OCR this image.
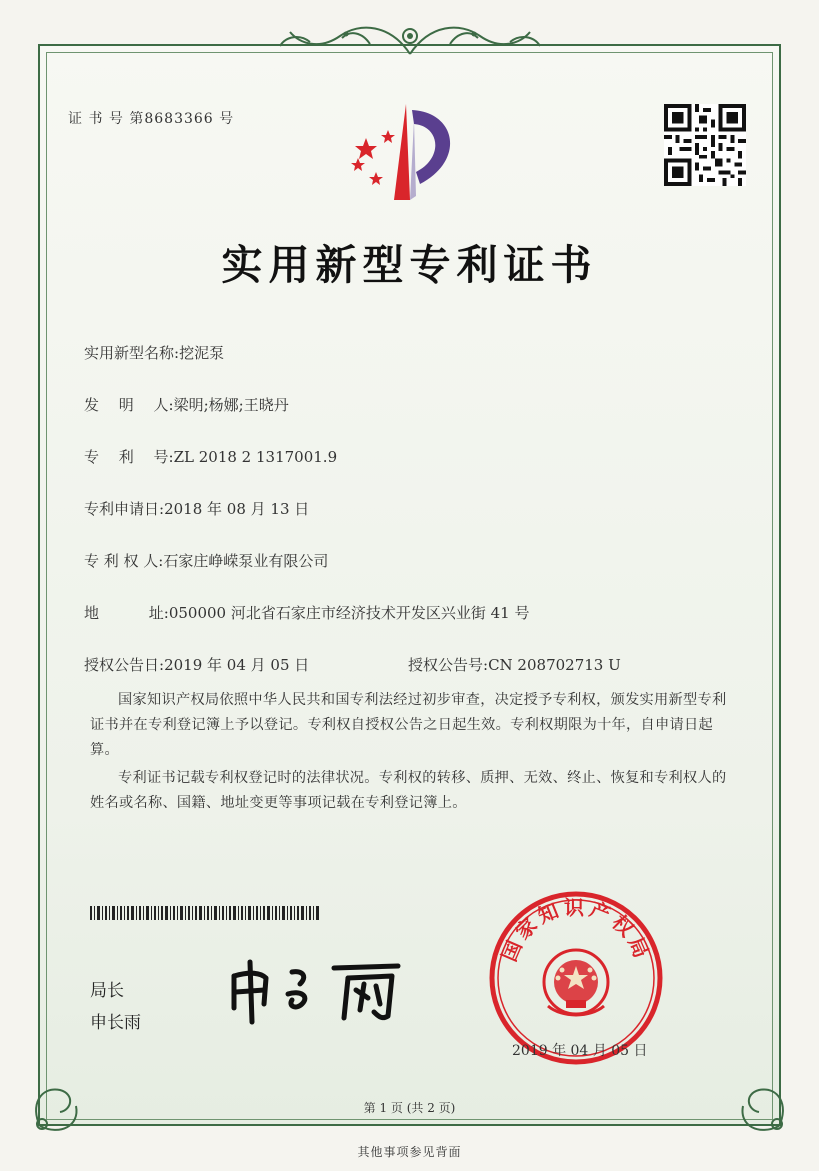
证 书 号 第8683366 号
实用新型专利证书
实用新型名称:挖泥泵
发　 明　 人:梁明;杨娜;王晓丹
专　 利　 号:ZL 2018 2 1317001.9
专利申请日:2018 年 08 月 13 日
专 利 权 人:石家庄峥嵘泵业有限公司
地　　　 址:050000 河北省石家庄市经济技术开发区兴业街 41 号
授权公告日:2019 年 04 月 05 日	授权公告号:CN 208702713 U
国家知识产权局依照中华人民共和国专利法经过初步审查，决定授予专利权，颁发实用新型专利证书并在专利登记簿上予以登记。专利权自授权公告之日起生效。专利权期限为十年，自申请日起算。
专利证书记载专利权登记时的法律状况。专利权的转移、质押、无效、终止、恢复和专利权人的姓名或名称、国籍、地址变更等事项记载在专利登记簿上。
局长
申长雨
国家知识产权局
2019 年 04 月 05 日
第 1 页 (共 2 页)
其他事项参见背面
